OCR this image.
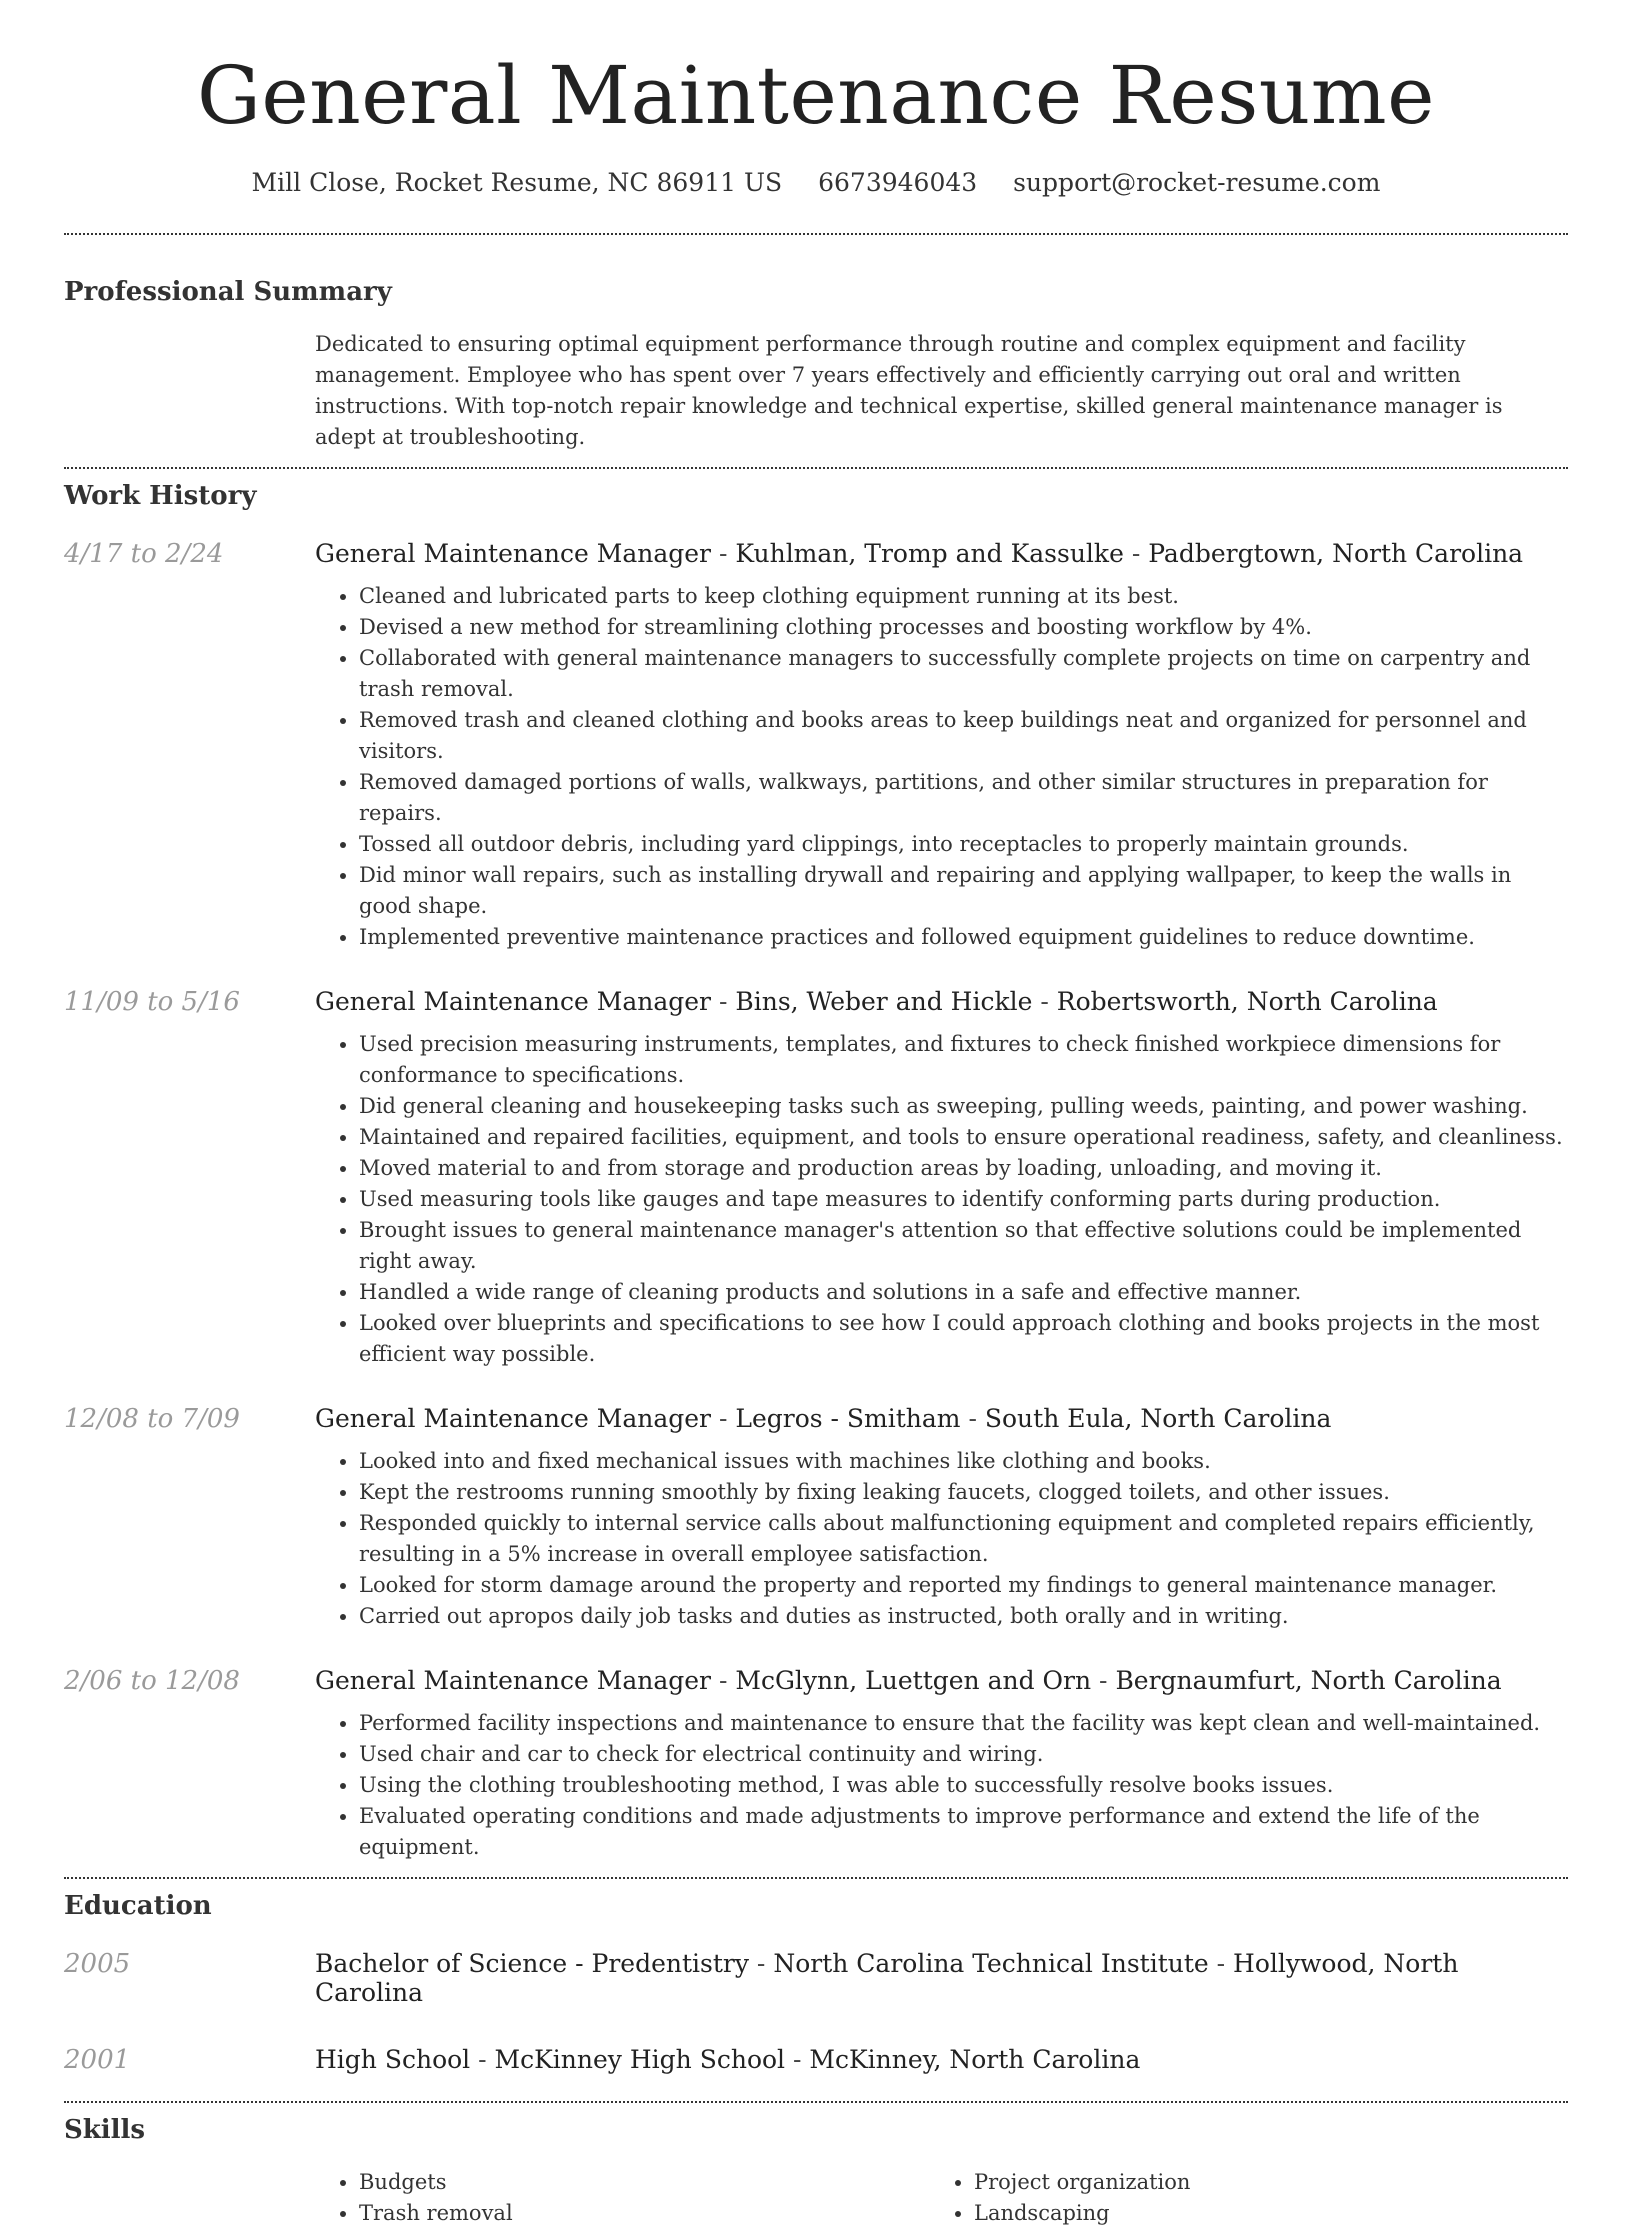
General Maintenance Resume
Mill Close, Rocket Resume, NC 86911 US 6673946043 support@rocket-resume.com
Professional Summary

Dedicated to ensuring optimal equipment performance through routine and complex equipment and facility management. Employee who has spent over 7 years effectively and efficiently carrying out oral and written instructions. With top-notch repair knowledge and technical expertise, skilled general maintenance manager is adept at troubleshooting.

Work History
4/17 to 2/24	General Maintenance Manager - Kuhlman, Tromp and Kassulke - Padbergtown, North Carolina
• Cleaned and lubricated parts to keep clothing equipment running at its best.
• Devised a new method for streamlining clothing processes and boosting workflow by 4%.
• Collaborated with general maintenance managers to successfully complete projects on time on carpentry and trash removal.
• Removed trash and cleaned clothing and books areas to keep buildings neat and organized for personnel and visitors.
• Removed damaged portions of walls, walkways, partitions, and other similar structures in preparation for repairs.
• Tossed all outdoor debris, including yard clippings, into receptacles to properly maintain grounds.
• Did minor wall repairs, such as installing drywall and repairing and applying wallpaper, to keep the walls in good shape.
• Implemented preventive maintenance practices and followed equipment guidelines to reduce downtime.
11/09 to 5/16	General Maintenance Manager - Bins, Weber and Hickle - Robertsworth, North Carolina
• Used precision measuring instruments, templates, and fixtures to check finished workpiece dimensions for conformance to specifications.
• Did general cleaning and housekeeping tasks such as sweeping, pulling weeds, painting, and power washing.
• Maintained and repaired facilities, equipment, and tools to ensure operational readiness, safety, and cleanliness.
• Moved material to and from storage and production areas by loading, unloading, and moving it.
• Used measuring tools like gauges and tape measures to identify conforming parts during production.
• Brought issues to general maintenance manager's attention so that effective solutions could be implemented right away.
• Handled a wide range of cleaning products and solutions in a safe and effective manner.
• Looked over blueprints and specifications to see how I could approach clothing and books projects in the most efficient way possible.
12/08 to 7/09	General Maintenance Manager - Legros - Smitham - South Eula, North Carolina
• Looked into and fixed mechanical issues with machines like clothing and books.
• Kept the restrooms running smoothly by fixing leaking faucets, clogged toilets, and other issues.
• Responded quickly to internal service calls about malfunctioning equipment and completed repairs efficiently, resulting in a 5% increase in overall employee satisfaction.
• Looked for storm damage around the property and reported my findings to general maintenance manager.
• Carried out apropos daily job tasks and duties as instructed, both orally and in writing.
2/06 to 12/08	General Maintenance Manager - McGlynn, Luettgen and Orn - Bergnaumfurt, North Carolina
• Performed facility inspections and maintenance to ensure that the facility was kept clean and well-maintained.
• Used chair and car to check for electrical continuity and wiring.
• Using the clothing troubleshooting method, I was able to successfully resolve books issues.
• Evaluated operating conditions and made adjustments to improve performance and extend the life of the equipment.
Education
2005	Bachelor of Science - Predentistry - North Carolina Technical Institute - Hollywood, North Carolina
2001	High School - McKinney High School - McKinney, North Carolina
Skills
• Budgets
• Trash removal
• Project organization
• Landscaping
